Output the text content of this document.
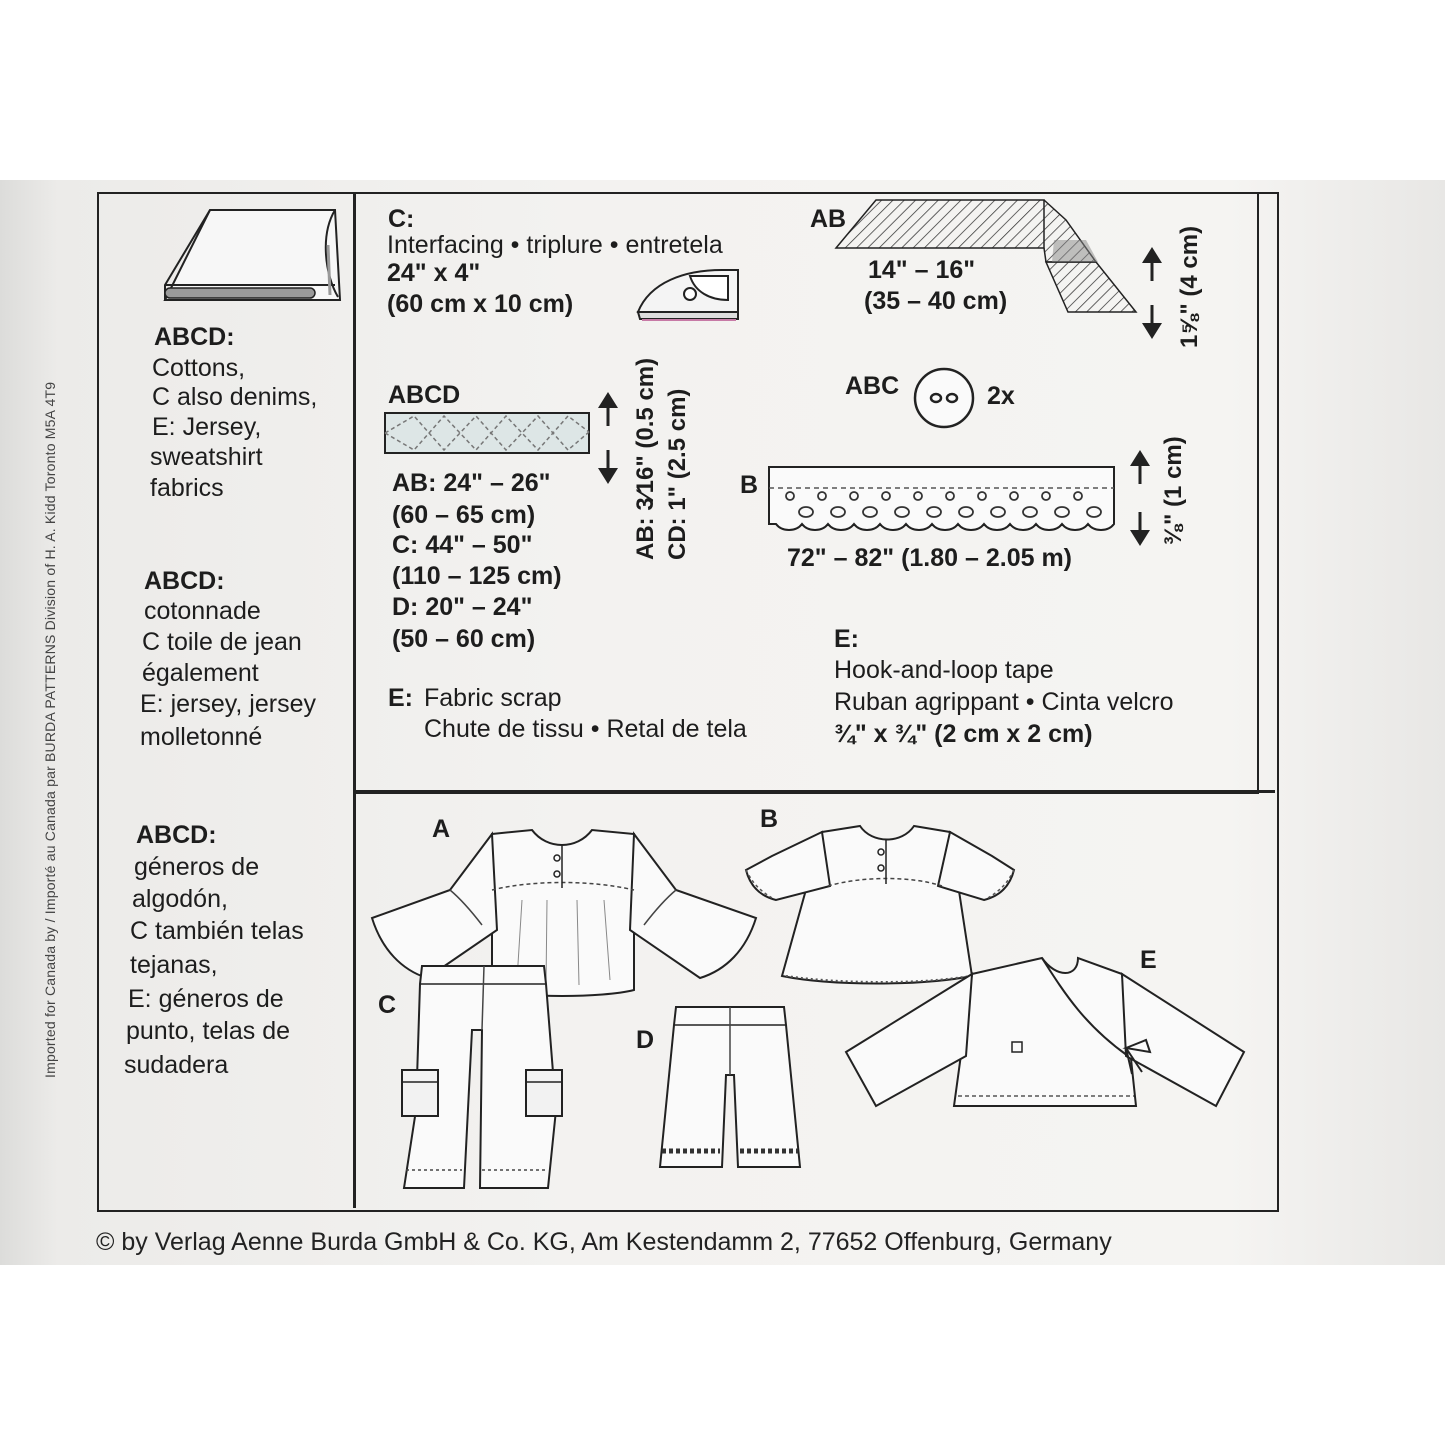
Imported for Canada by / Importé au Canada par BURDA PATTERNS Division of H. A. Kidd Toronto M5A 4T9
ABCD:
Cottons,
C also denims,
E: Jersey,
sweatshirt
fabrics
ABCD:
cotonnade
C toile de jean
également
E: jersey, jersey
molletonné
ABCD:
géneros de
algodón,
C también telas
tejanas,
E: géneros de
punto, telas de
sudadera
C:
Interfacing • triplure • entretela
24" x 4"
(60 cm x 10 cm)
AB
14" – 16"
(35 – 40 cm)	1⅝" (4 cm)
ABCD	AB: 3⁄16" (0.5 cm) CD: 1" (2.5 cm)
AB: 24" – 26"
(60 – 65 cm)
C: 44" – 50"
(110 – 125 cm)
D: 20" – 24"
(50 – 60 cm)
ABC	2x
B	⅜" (1 cm)
72" – 82" (1.80 – 2.05 m)
E: Fabric scrap
Chute de tissu • Retal de tela
E:
Hook-and-loop tape
Ruban agrippant • Cinta velcro
¾" x ¾" (2 cm x 2 cm)
A	B
C
D
E
© by Verlag Aenne Burda GmbH & Co. KG, Am Kestendamm 2, 77652 Offenburg, Germany
